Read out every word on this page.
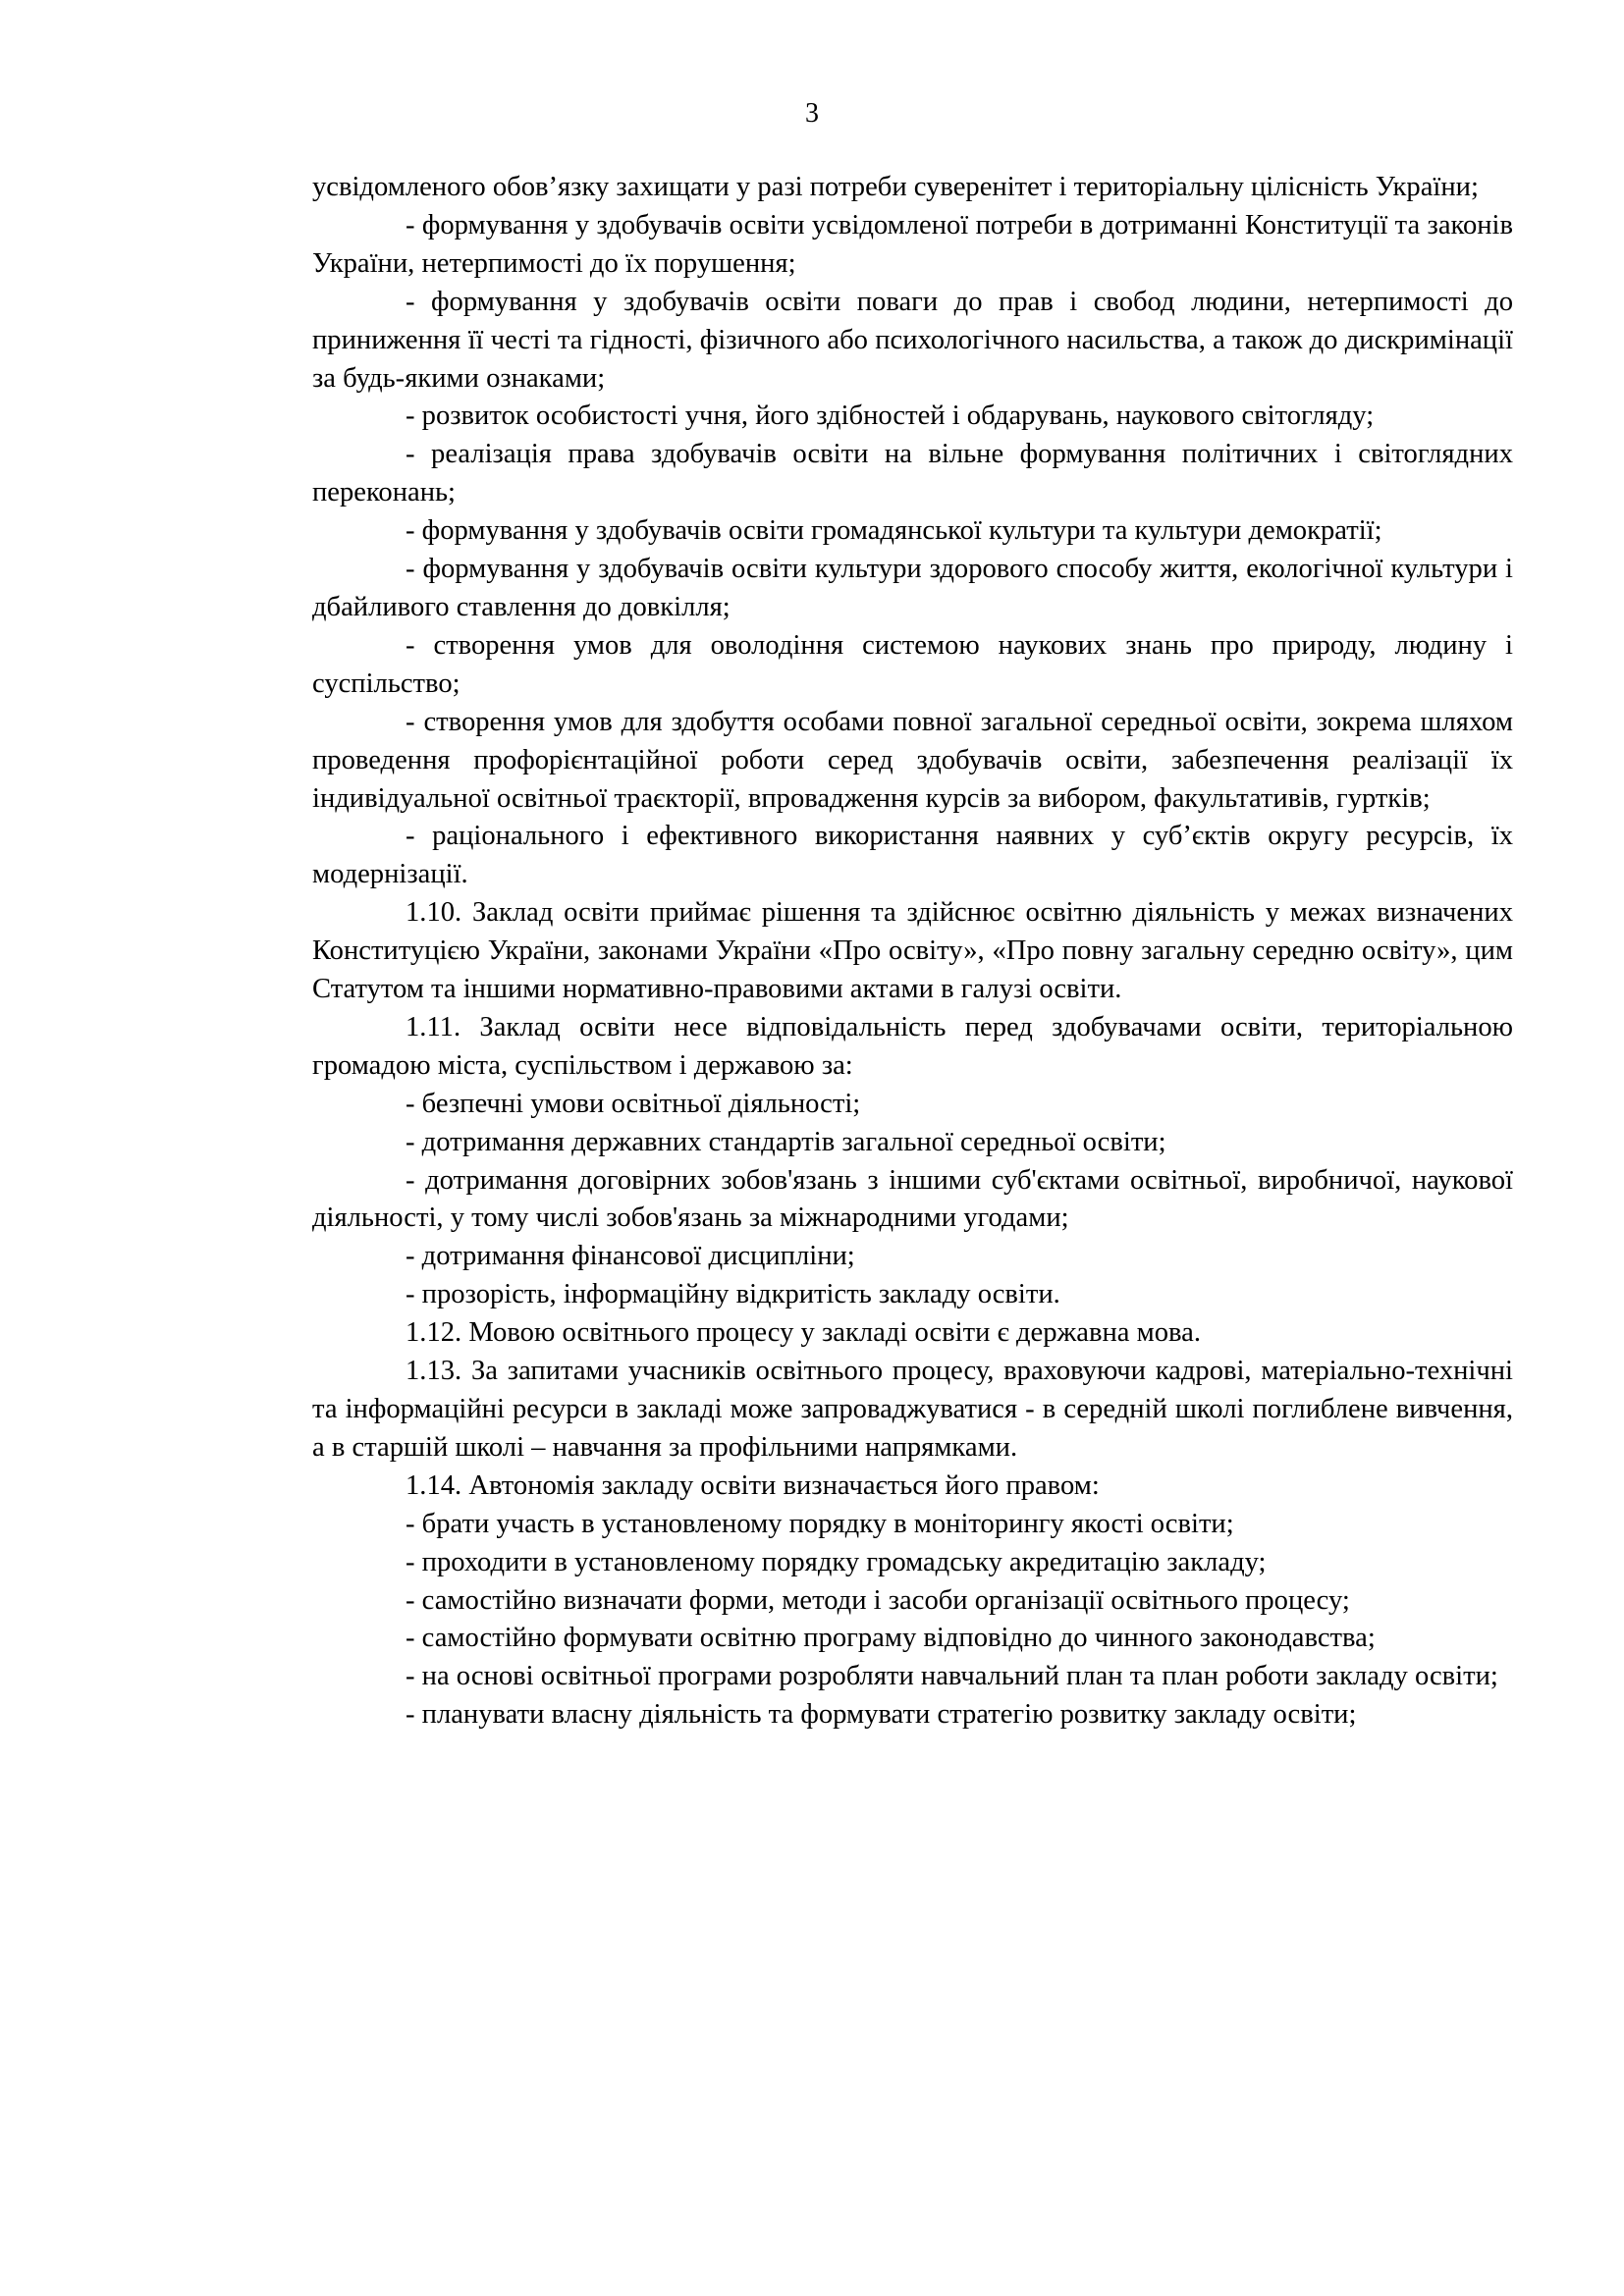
3

усвідомленого обов’язку захищати у разі потреби суверенітет і територіальну цілісність України;

- формування у здобувачів освіти усвідомленої потреби в дотриманні Конституції та законів України, нетерпимості до їх порушення;

- формування у здобувачів освіти поваги до прав і свобод людини, нетерпимості до приниження її честі та гідності, фізичного або психологічного насильства, а також до дискримінації за будь-якими ознаками;

- розвиток особистості учня, його здібностей і обдарувань, наукового світогляду;

- реалізація права здобувачів освіти на вільне формування політичних і світоглядних переконань;

- формування у здобувачів освіти громадянської культури та культури демократії;

- формування у здобувачів освіти культури здорового способу життя, екологічної культури і дбайливого ставлення до довкілля;

- створення умов для оволодіння системою наукових знань про природу, людину і суспільство;

- створення умов для здобуття особами повної загальної середньої освіти, зокрема шляхом проведення профорієнтаційної роботи серед здобувачів освіти, забезпечення реалізації їх індивідуальної освітньої траєкторії, впровадження курсів за вибором, факультативів, гуртків;

- раціонального і ефективного використання наявних у суб’єктів округу ресурсів, їх модернізації.

1.10. Заклад освіти приймає рішення та здійснює освітню діяльність у межах визначених Конституцією України, законами України «Про освіту», «Про повну загальну середню освіту», цим Статутом та іншими нормативно-правовими актами в галузі освіти.

1.11. Заклад освіти несе відповідальність перед здобувачами освіти, територіальною громадою міста, суспільством і державою за:

- безпечні умови освітньої діяльності;

- дотримання державних стандартів загальної середньої освіти;

- дотримання договірних зобов'язань з іншими суб'єктами освітньої, виробничої, наукової діяльності, у тому числі зобов'язань за міжнародними угодами;

- дотримання фінансової дисципліни;

- прозорість, інформаційну відкритість закладу освіти.

1.12. Мовою освітнього процесу у закладі освіти є державна мова.

1.13. За запитами учасників освітнього процесу, враховуючи кадрові, матеріально-технічні та інформаційні ресурси в закладі може запроваджуватися - в середній школі поглиблене вивчення, а в старшій школі – навчання за профільними напрямками.

1.14. Автономія закладу освіти визначається його правом:

- брати участь в установленому порядку в моніторингу якості освіти;

- проходити в установленому порядку громадську акредитацію закладу;

- самостійно визначати форми, методи і засоби організації освітнього процесу;

- самостійно формувати освітню програму відповідно до чинного законодавства;

- на основі освітньої програми розробляти навчальний план та план роботи закладу освіти;

- планувати власну діяльність та формувати стратегію розвитку закладу освіти;
